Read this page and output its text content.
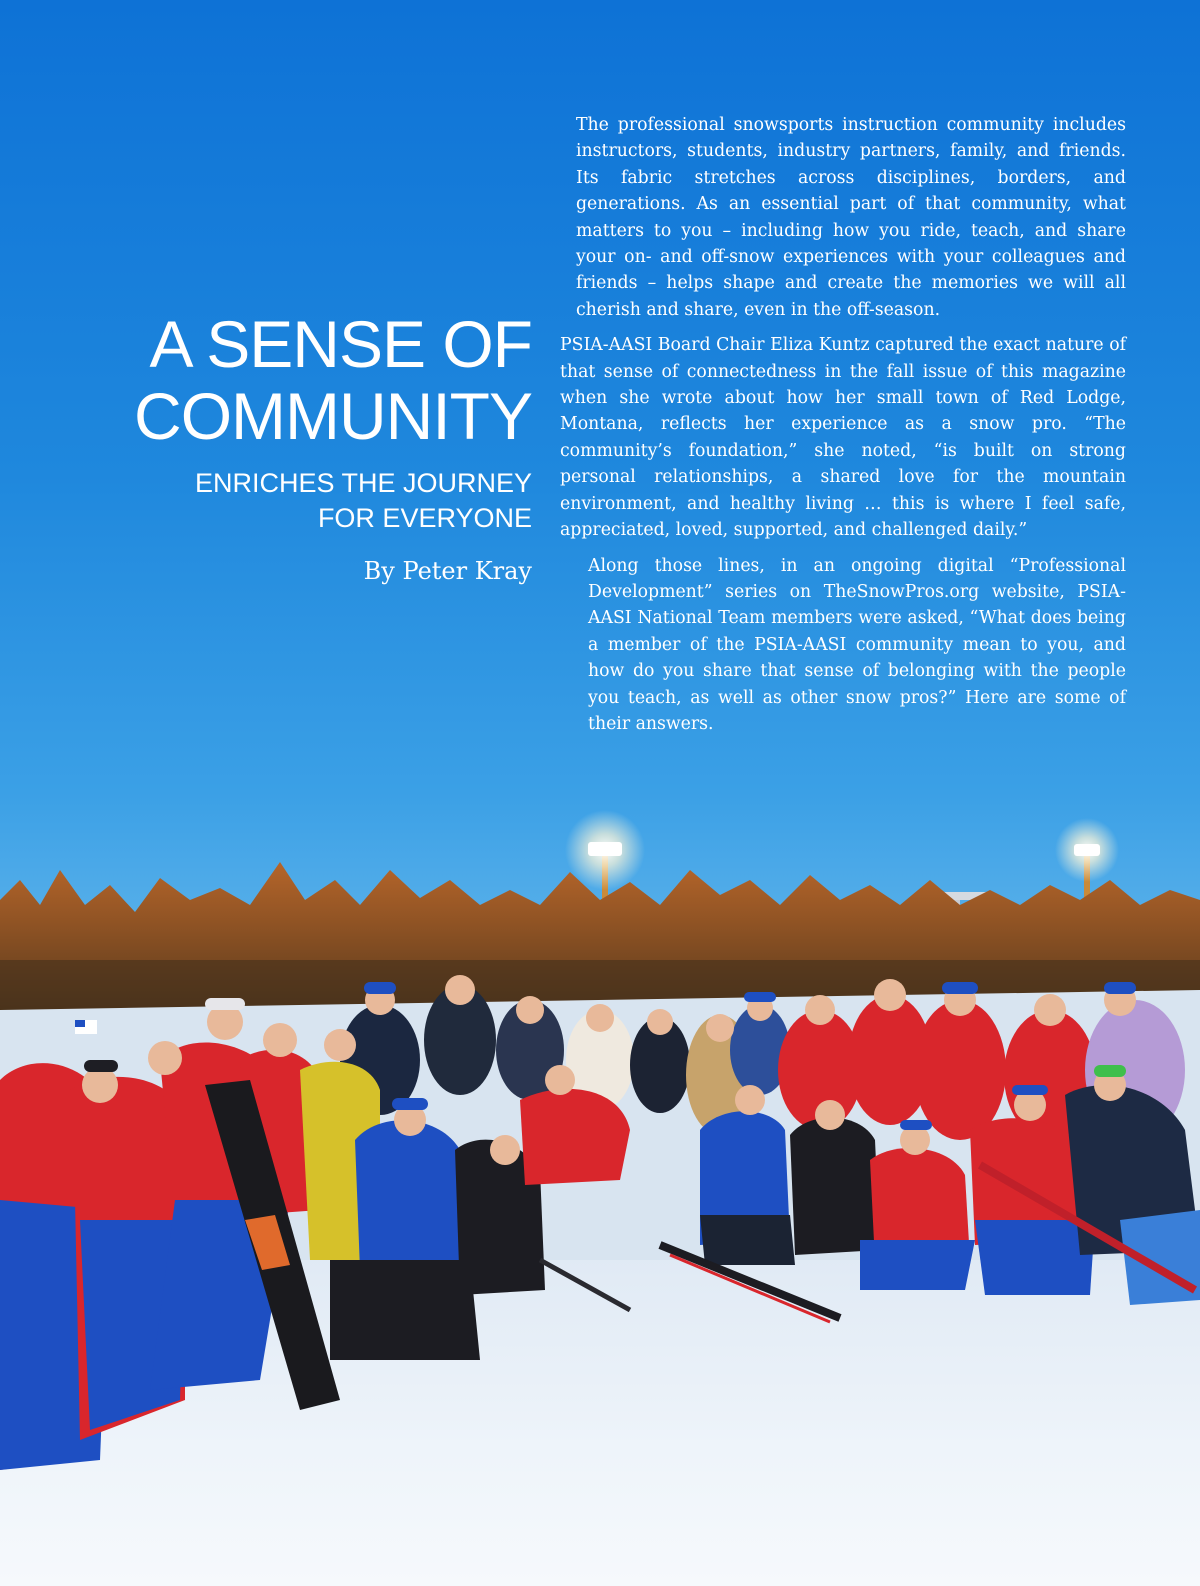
A SENSE OF
COMMUNITY
ENRICHES THE JOURNEY
FOR EVERYONE

By Peter Kray

The professional snowsports instruction community includes instructors, students, industry partners, family, and friends. Its fabric stretches across disciplines, borders, and generations. As an essential part of that community, what matters to you – including how you ride, teach, and share your on- and off-snow experiences with your colleagues and friends – helps shape and create the memories we will all cherish and share, even in the off-season.

PSIA-AASI Board Chair Eliza Kuntz captured the exact nature of that sense of connectedness in the fall issue of this magazine when she wrote about how her small town of Red Lodge, Montana, reflects her experience as a snow pro. “The community’s foundation,” she noted, “is built on strong personal relationships, a shared love for the mountain environment, and healthy living … this is where I feel safe, appreciated, loved, supported, and challenged daily.”

Along those lines, in an ongoing digital “Professional Development” series on TheSnowPros.org website, PSIA-AASI National Team members were asked, “What does being a member of the PSIA-AASI community mean to you, and how do you share that sense of belonging with the people you teach, as well as other snow pros?” Here are some of their answers.
